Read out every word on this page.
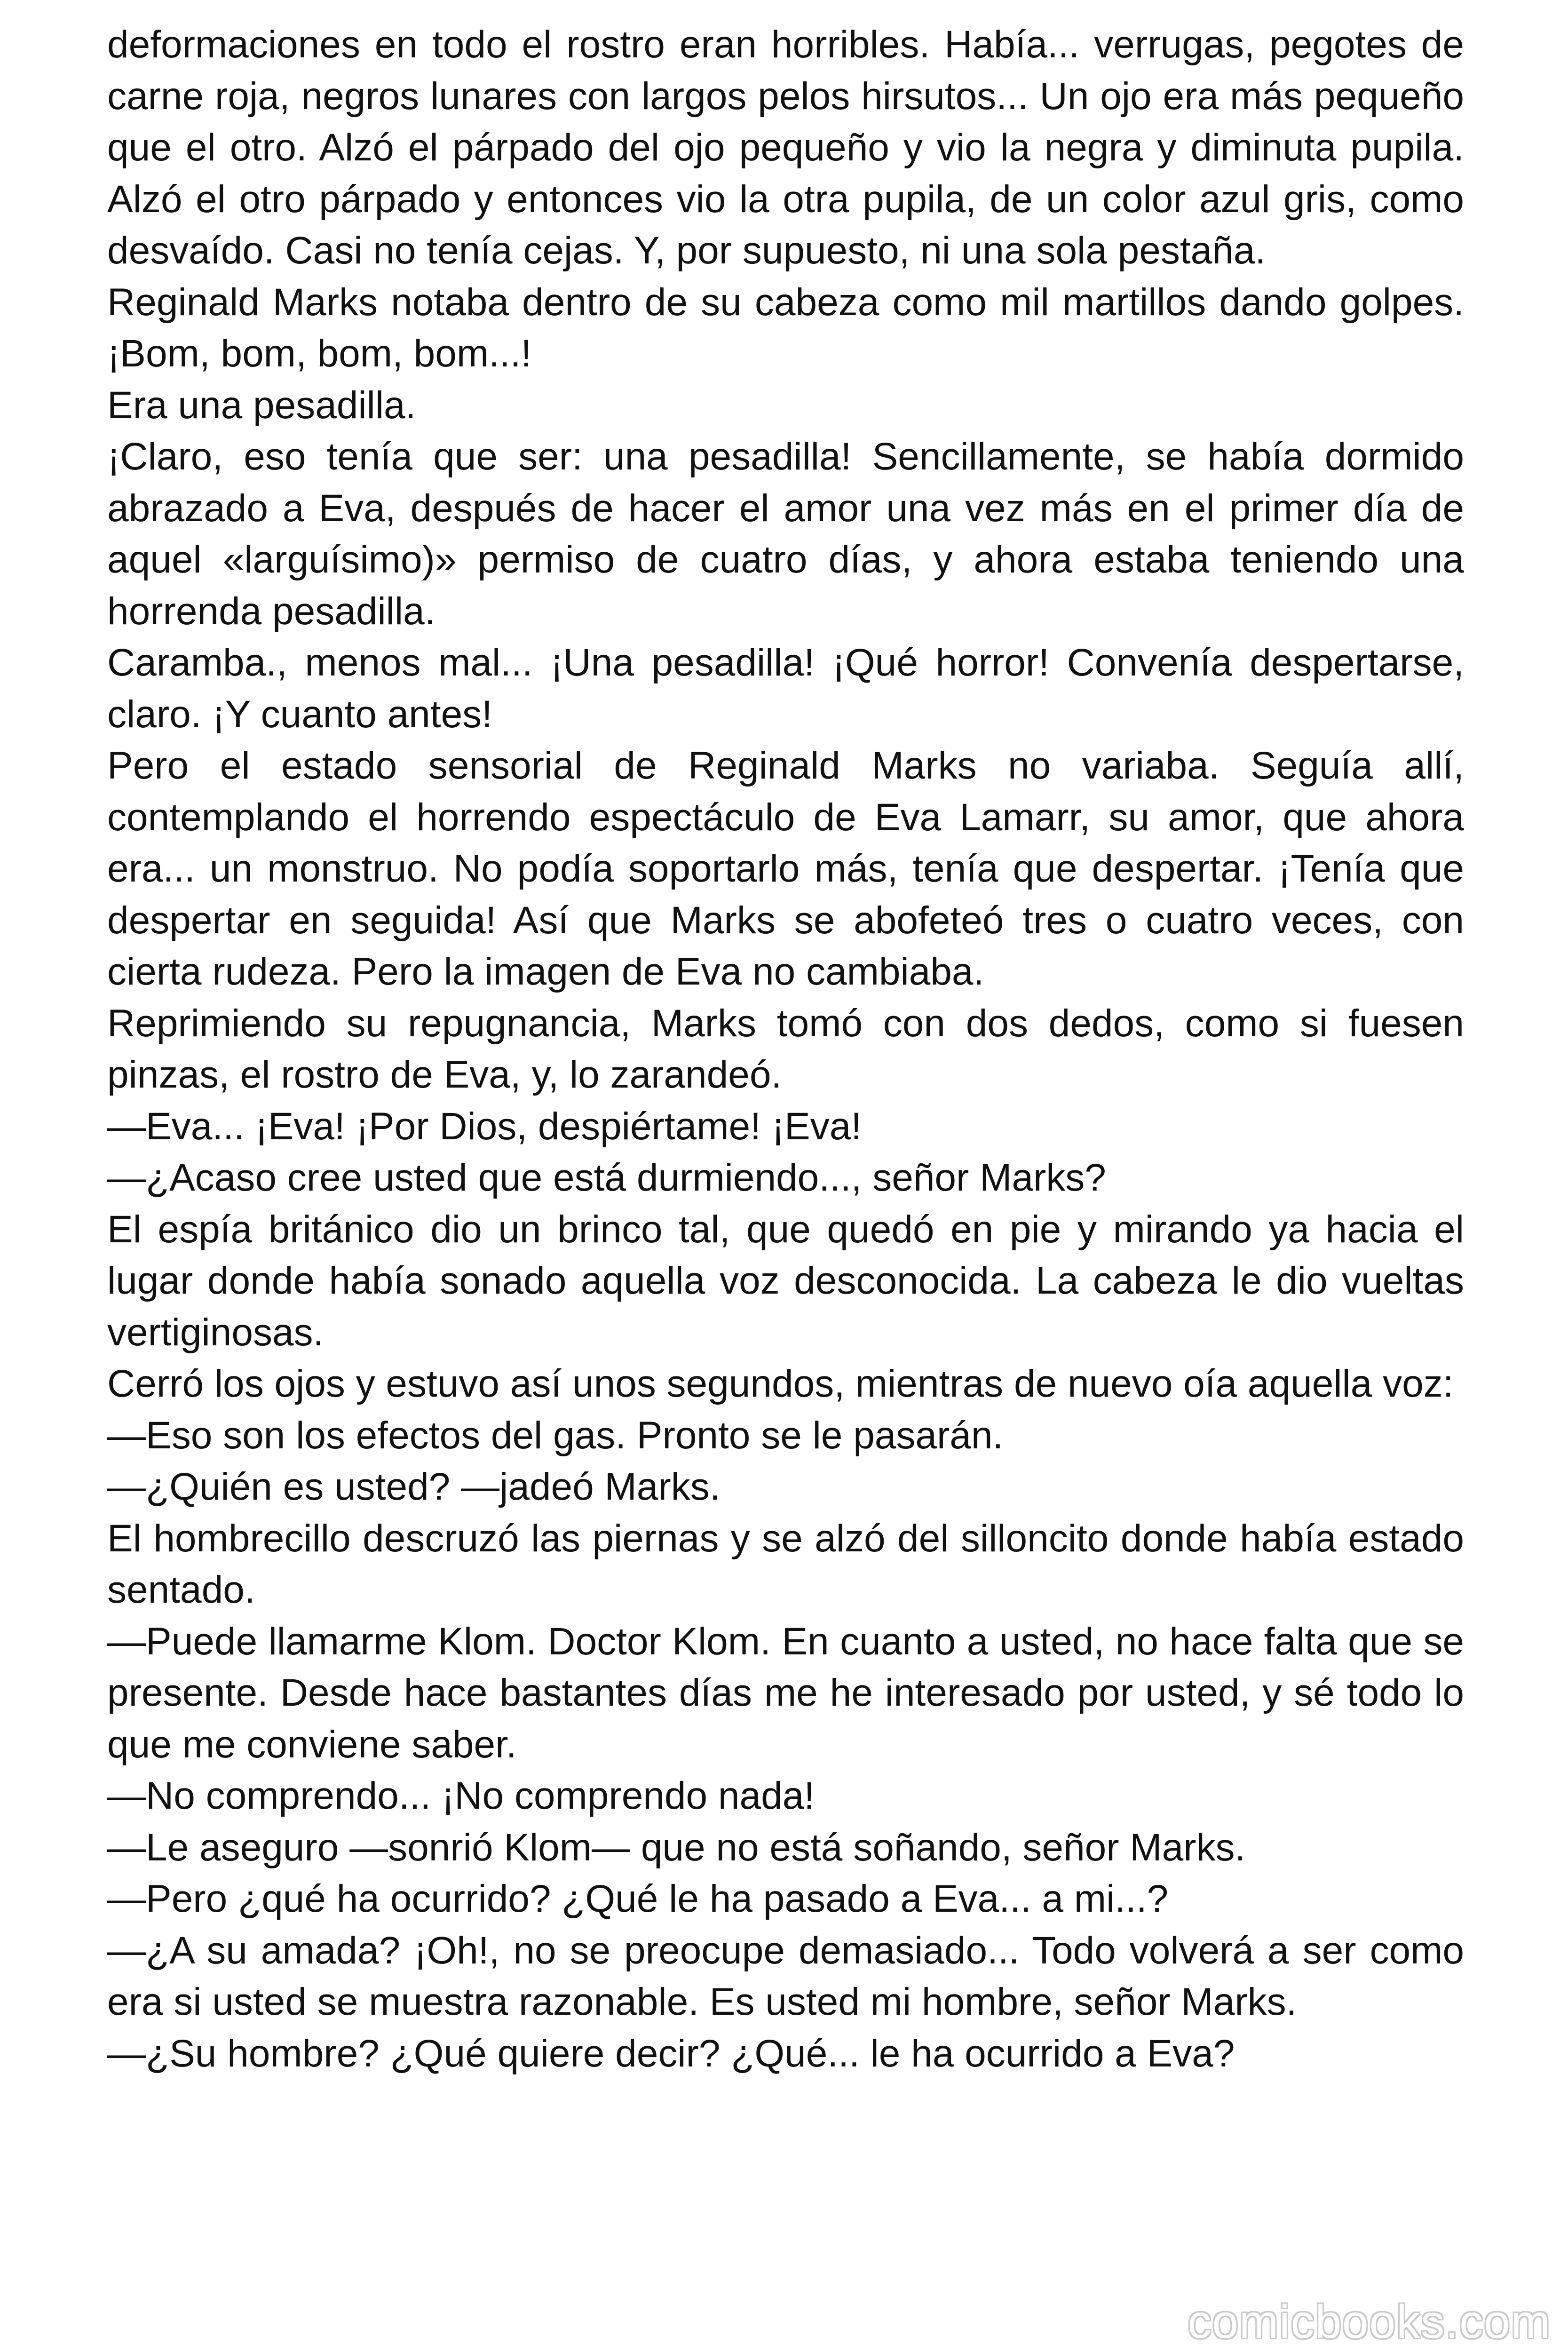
deformaciones en todo el rostro eran horribles. Había... verrugas, pegotes de carne roja, negros lunares con largos pelos hirsutos... Un ojo era más pequeño que el otro. Alzó el párpado del ojo pequeño y vio la negra y diminuta pupila. Alzó el otro párpado y entonces vio la otra pupila, de un color azul gris, como desvaído. Casi no tenía cejas. Y, por supuesto, ni una sola pestaña.

Reginald Marks notaba dentro de su cabeza como mil martillos dando golpes. ¡Bom, bom, bom, bom...!

Era una pesadilla.

¡Claro, eso tenía que ser: una pesadilla! Sencillamente, se había dormido abrazado a Eva, después de hacer el amor una vez más en el primer día de aquel «larguísimo)» permiso de cuatro días, y ahora estaba teniendo una horrenda pesadilla.

Caramba., menos mal... ¡Una pesadilla! ¡Qué horror! Convenía despertarse, claro. ¡Y cuanto antes!

Pero el estado sensorial de Reginald Marks no variaba. Seguía allí, contemplando el horrendo espectáculo de Eva Lamarr, su amor, que ahora era... un monstruo. No podía soportarlo más, tenía que despertar. ¡Tenía que despertar en seguida! Así que Marks se abofeteó tres o cuatro veces, con cierta rudeza. Pero la imagen de Eva no cambiaba.

Reprimiendo su repugnancia, Marks tomó con dos dedos, como si fuesen pinzas, el rostro de Eva, y, lo zarandeó.

—Eva... ¡Eva! ¡Por Dios, despiértame! ¡Eva!

—¿Acaso cree usted que está durmiendo..., señor Marks?

El espía británico dio un brinco tal, que quedó en pie y mirando ya hacia el lugar donde había sonado aquella voz desconocida. La cabeza le dio vueltas vertiginosas.

Cerró los ojos y estuvo así unos segundos, mientras de nuevo oía aquella voz:

—Eso son los efectos del gas. Pronto se le pasarán.

—¿Quién es usted? —jadeó Marks.

El hombrecillo descruzó las piernas y se alzó del silloncito donde había estado sentado.

—Puede llamarme Klom. Doctor Klom. En cuanto a usted, no hace falta que se presente. Desde hace bastantes días me he interesado por usted, y sé todo lo que me conviene saber.

—No comprendo... ¡No comprendo nada!

—Le aseguro —sonrió Klom— que no está soñando, señor Marks.

—Pero ¿qué ha ocurrido? ¿Qué le ha pasado a Eva... a mi...?

—¿A su amada? ¡Oh!, no se preocupe demasiado... Todo volverá a ser como era si usted se muestra razonable. Es usted mi hombre, señor Marks.

—¿Su hombre? ¿Qué quiere decir? ¿Qué... le ha ocurrido a Eva?

comicbooks.com
